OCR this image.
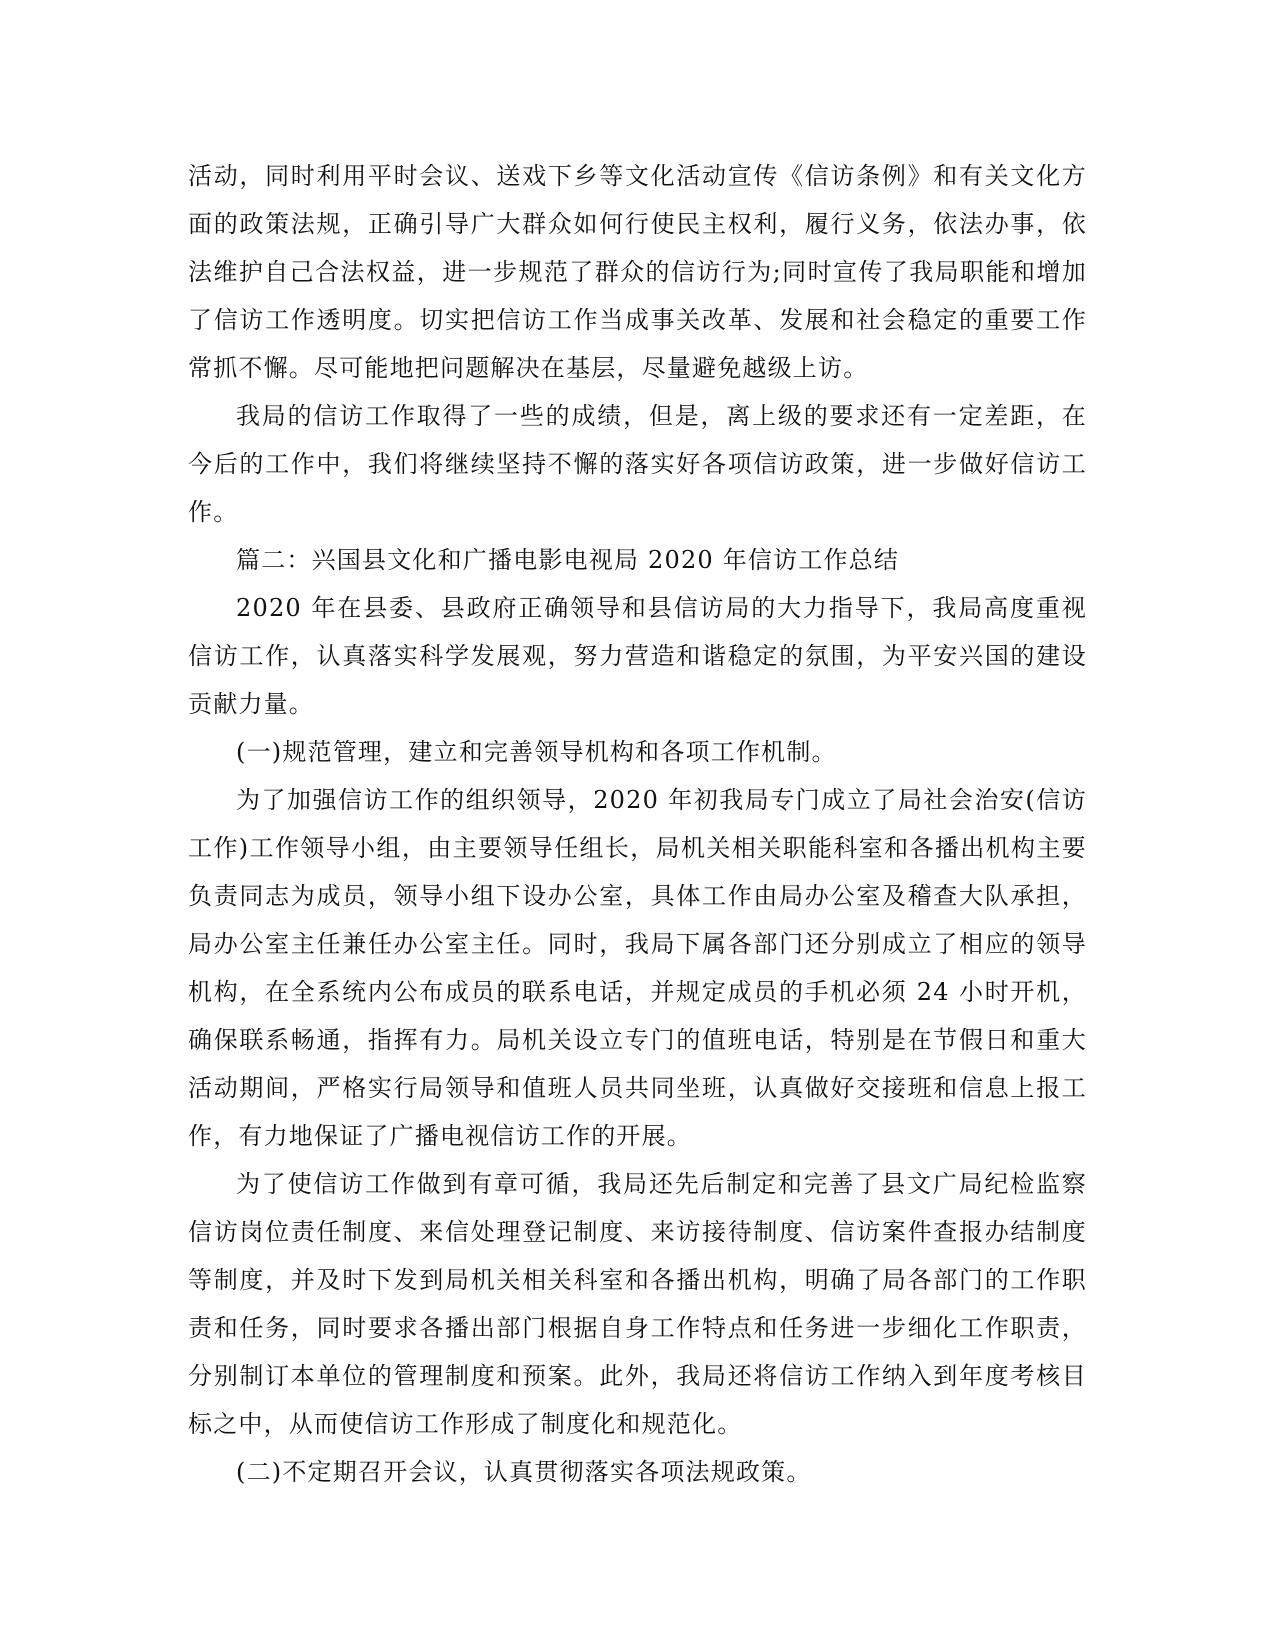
活动，同时利用平时会议、送戏下乡等文化活动宣传《信访条例》和有关文化方面的政策法规，正确引导广大群众如何行使民主权利，履行义务，依法办事，依法维护自己合法权益，进一步规范了群众的信访行为;同时宣传了我局职能和增加了信访工作透明度。切实把信访工作当成事关改革、发展和社会稳定的重要工作常抓不懈。尽可能地把问题解决在基层，尽量避免越级上访。

我局的信访工作取得了一些的成绩，但是，离上级的要求还有一定差距，在今后的工作中，我们将继续坚持不懈的落实好各项信访政策，进一步做好信访工作。

篇二：兴国县文化和广播电影电视局 2020 年信访工作总结

2020 年在县委、县政府正确领导和县信访局的大力指导下，我局高度重视信访工作，认真落实科学发展观，努力营造和谐稳定的氛围，为平安兴国的建设贡献力量。

(一)规范管理，建立和完善领导机构和各项工作机制。

为了加强信访工作的组织领导，2020 年初我局专门成立了局社会治安(信访工作)工作领导小组，由主要领导任组长，局机关相关职能科室和各播出机构主要负责同志为成员，领导小组下设办公室，具体工作由局办公室及稽查大队承担，局办公室主任兼任办公室主任。同时，我局下属各部门还分别成立了相应的领导机构，在全系统内公布成员的联系电话，并规定成员的手机必须 24 小时开机，确保联系畅通，指挥有力。局机关设立专门的值班电话，特别是在节假日和重大活动期间，严格实行局领导和值班人员共同坐班，认真做好交接班和信息上报工作，有力地保证了广播电视信访工作的开展。

为了使信访工作做到有章可循，我局还先后制定和完善了县文广局纪检监察信访岗位责任制度、来信处理登记制度、来访接待制度、信访案件查报办结制度等制度，并及时下发到局机关相关科室和各播出机构，明确了局各部门的工作职责和任务，同时要求各播出部门根据自身工作特点和任务进一步细化工作职责，分别制订本单位的管理制度和预案。此外，我局还将信访工作纳入到年度考核目标之中，从而使信访工作形成了制度化和规范化。

(二)不定期召开会议，认真贯彻落实各项法规政策。
